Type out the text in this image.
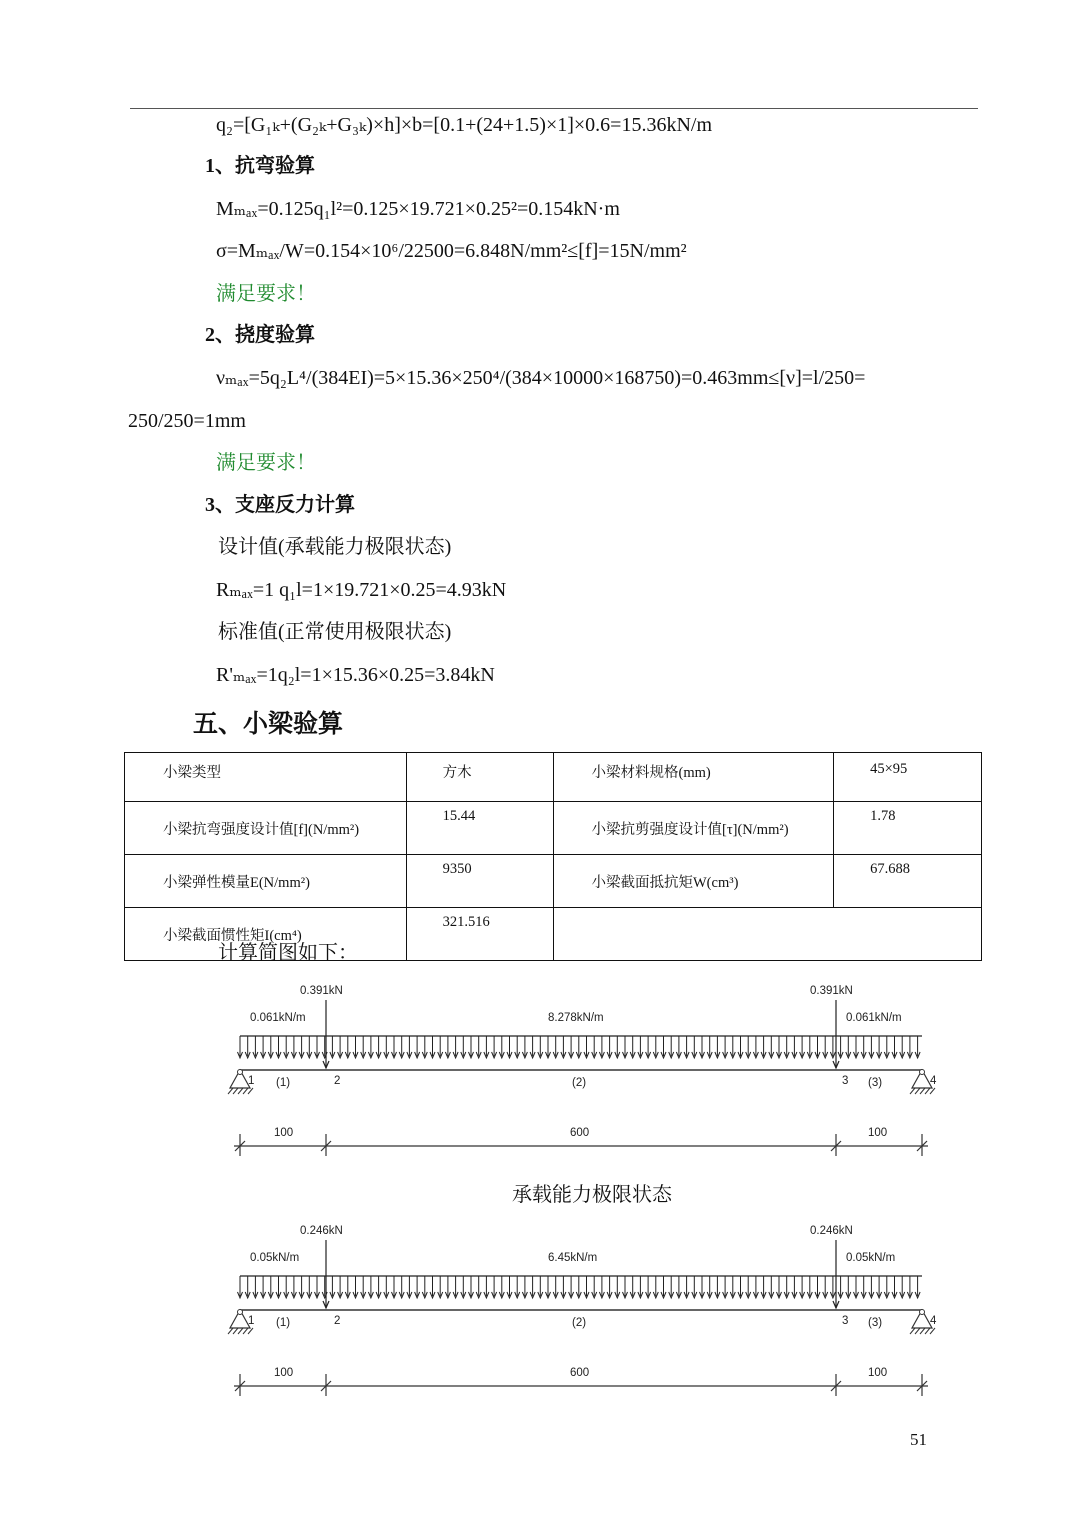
q₂=[G₁ₖ+(G₂ₖ+G₃ₖ)×h]×b=[0.1+(24+1.5)×1]×0.6=15.36kN/m
1、抗弯验算
Mₘₐₓ=0.125q₁l²=0.125×19.721×0.25²=0.154kN·m
σ=Mₘₐₓ/W=0.154×10⁶/22500=6.848N/mm²≤[f]=15N/mm²
满足要求！
2、挠度验算
νₘₐₓ=5q₂L⁴/(384EI)=5×15.36×250⁴/(384×10000×168750)=0.463mm≤[ν]=l/250=
250/250=1mm
满足要求！
3、支座反力计算
设计值(承载能力极限状态)
Rₘₐₓ=1 q₁l=1×19.721×0.25=4.93kN
标准值(正常使用极限状态)
R'ₘₐₓ=1q₂l=1×15.36×0.25=3.84kN
五、小梁验算
小梁类型	方木	小梁材料规格(mm)	45×95
小梁抗弯强度设计值[f](N/mm²)	15.44	小梁抗剪强度设计值[τ](N/mm²)	1.78
小梁弹性模量E(N/mm²)	9350	小梁截面抵抗矩W(cm³)	67.688
小梁截面惯性矩I(cm⁴)	321.516		
计算简图如下：
0.391kN	0.391kN
0.061kN/m	8.278kN/m	0.061kN/m
1	2	3	4
(1)	(2)	(3)
100	600	100
承载能力极限状态
0.246kN	0.246kN
0.05kN/m	6.45kN/m	0.05kN/m
1	2	3	4
(1)	(2)	(3)
100	600	100
51
